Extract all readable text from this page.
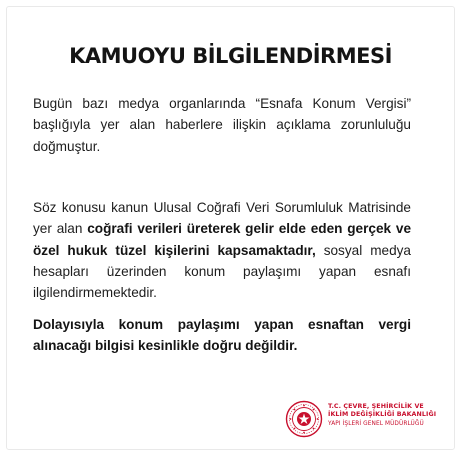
KAMUOYU BİLGİLENDİRMESİ
Bugün bazı medya organlarında “Esnafa Konum Vergisi” başlığıyla yer alan haberlere ilişkin açıklama zorunluluğu doğmuştur.
Söz konusu kanun Ulusal Coğrafi Veri Sorumluluk Matrisinde yer alan coğrafi verileri üreterek gelir elde eden gerçek ve özel hukuk tüzel kişilerini kapsamaktadır, sosyal medya hesapları üzerinden konum paylaşımı yapan esnafı ilgilendirmemektedir.
Dolayısıyla konum paylaşımı yapan esnaftan vergi alınacağı bilgisi kesinlikle doğru değildir.
T.C. ÇEVRE, ŞEHİRCİLİK VE
İKLİM DEĞİŞİKLİĞİ BAKANLIĞI
YAPI İŞLERİ GENEL MÜDÜRLÜĞÜ
